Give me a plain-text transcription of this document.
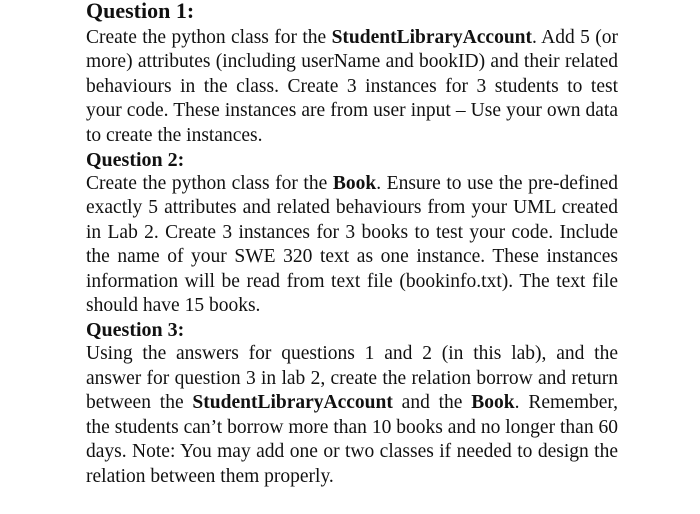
Question 1:

Create the python class for the StudentLibraryAccount. Add 5 (or more) attributes (including userName and bookID) and their related behaviours in the class. Create 3 instances for 3 students to test your code. These instances are from user input – Use your own data to create the instances.

Question 2:

Create the python class for the Book. Ensure to use the pre-defined exactly 5 attributes and related behaviours from your UML created in Lab 2. Create 3 instances for 3 books to test your code. Include the name of your SWE 320 text as one instance. These instances information will be read from text file (bookinfo.txt). The text file should have 15 books.

Question 3:

Using the answers for questions 1 and 2 (in this lab), and the answer for question 3 in lab 2, create the relation borrow and return between the StudentLibraryAccount and the Book. Remember, the students can’t borrow more than 10 books and no longer than 60 days. Note: You may add one or two classes if needed to design the relation between them properly.
